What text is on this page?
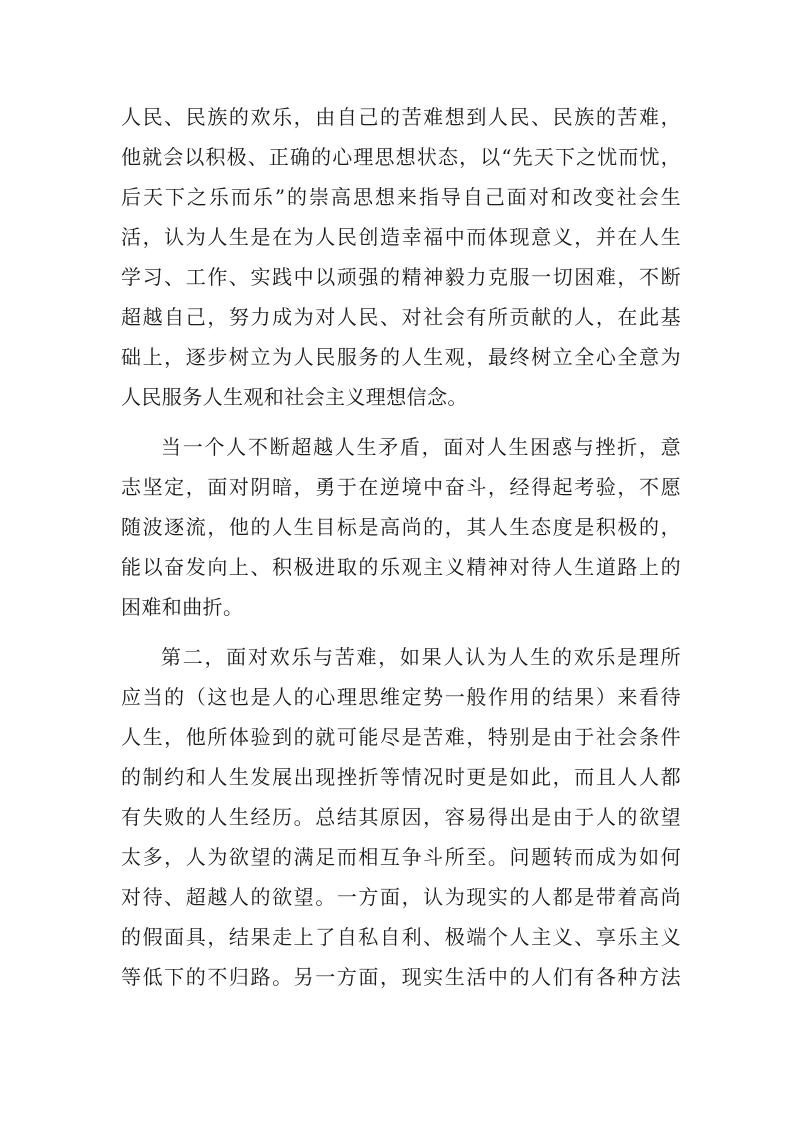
人民、民族的欢乐，由自己的苦难想到人民、民族的苦难，
他就会以积极、正确的心理思想状态，以“先天下之忧而忧，
后天下之乐而乐”的崇高思想来指导自己面对和改变社会生
活，认为人生是在为人民创造幸福中而体现意义，并在人生
学习、工作、实践中以顽强的精神毅力克服一切困难，不断
超越自己，努力成为对人民、对社会有所贡献的人，在此基
础上，逐步树立为人民服务的人生观，最终树立全心全意为
人民服务人生观和社会主义理想信念。
当一个人不断超越人生矛盾，面对人生困惑与挫折，意
志坚定，面对阴暗，勇于在逆境中奋斗，经得起考验，不愿
随波逐流，他的人生目标是高尚的，其人生态度是积极的，
能以奋发向上、积极进取的乐观主义精神对待人生道路上的
困难和曲折。
第二，面对欢乐与苦难，如果人认为人生的欢乐是理所
应当的（这也是人的心理思维定势一般作用的结果）来看待
人生，他所体验到的就可能尽是苦难，特别是由于社会条件
的制约和人生发展出现挫折等情况时更是如此，而且人人都
有失败的人生经历。总结其原因，容易得出是由于人的欲望
太多，人为欲望的满足而相互争斗所至。问题转而成为如何
对待、超越人的欲望。一方面，认为现实的人都是带着高尚
的假面具，结果走上了自私自利、极端个人主义、享乐主义
等低下的不归路。另一方面，现实生活中的人们有各种方法
